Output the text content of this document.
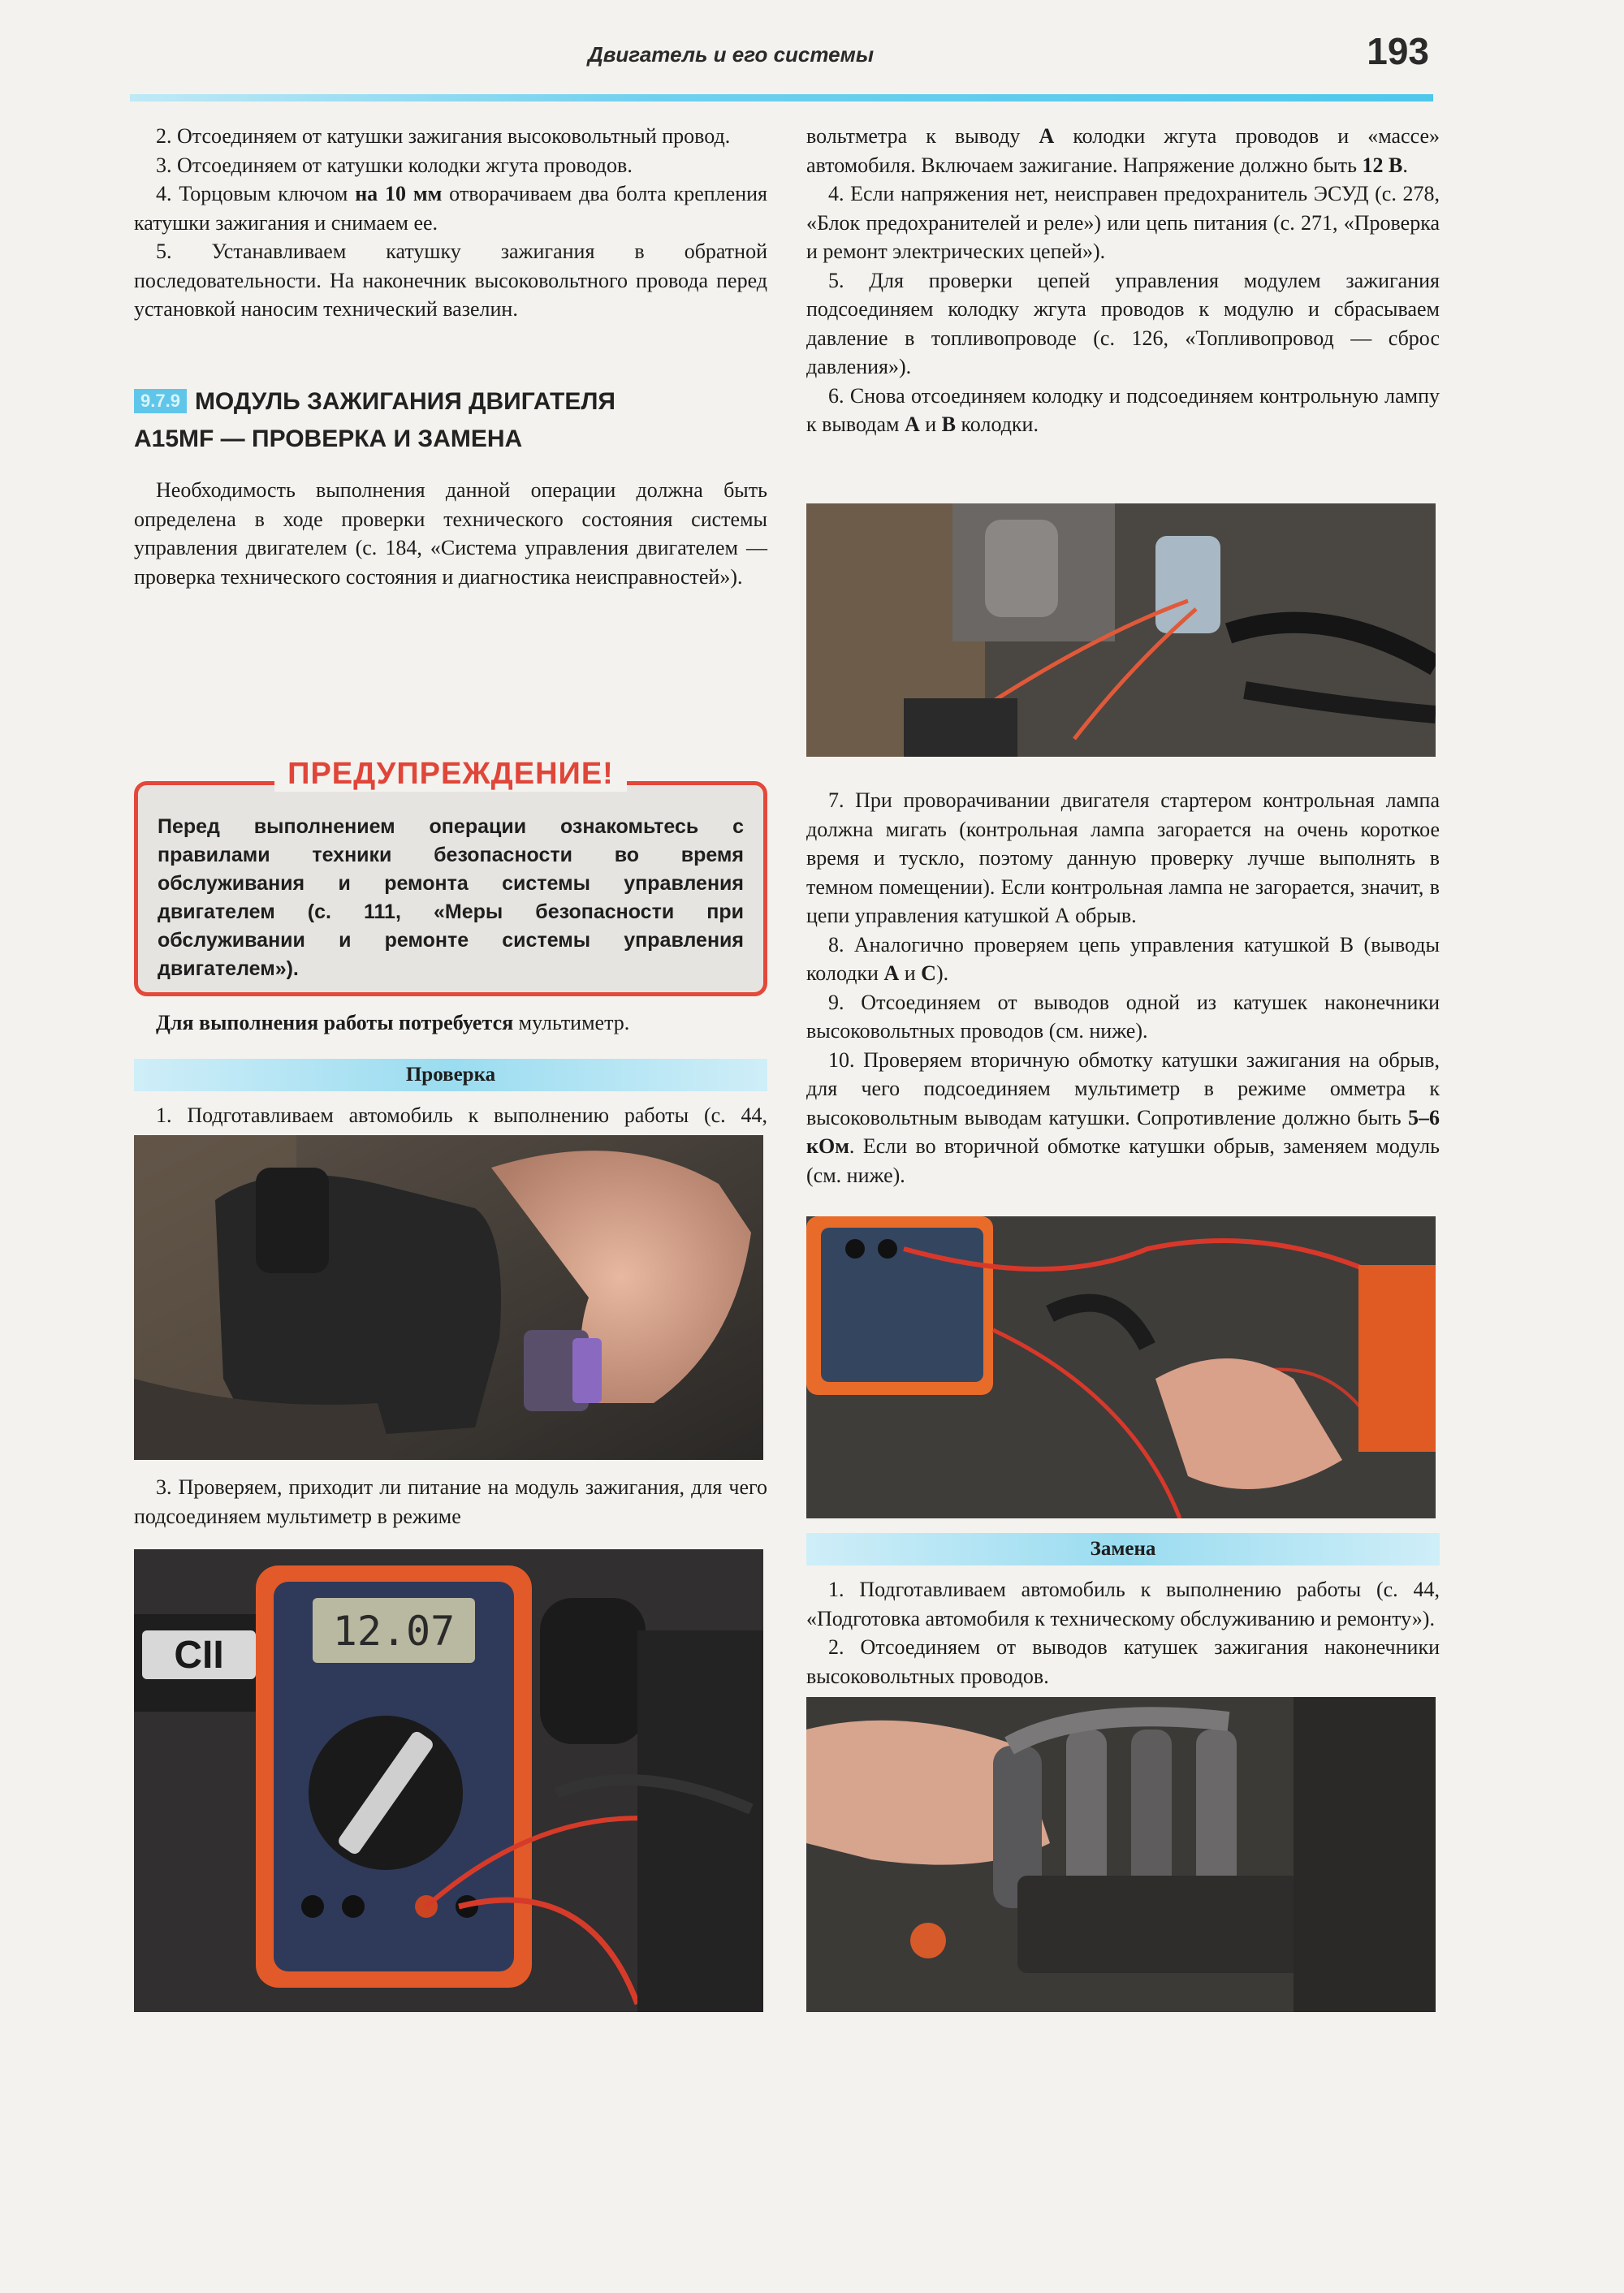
Двигатель и его системы	193

2. Отсоединяем от катушки зажигания высоковольтный провод.

3. Отсоединяем от катушки колодки жгута проводов.

4. Торцовым ключом на 10 мм отворачиваем два болта крепления катушки зажигания и снимаем ее.

5. Устанавливаем катушку зажигания в обратной последовательности. На наконечник высоковольтного провода перед установкой наносим технический вазелин.

9.7.9 МОДУЛЬ ЗАЖИГАНИЯ ДВИГАТЕЛЯ
A15MF — ПРОВЕРКА И ЗАМЕНА

Необходимость выполнения данной операции должна быть определена в ходе проверки технического состояния системы управления двигателем (с. 184, «Система управления двигателем — проверка технического состояния и диагностика неисправностей»).

Перед выполнением операции ознакомьтесь с правилами техники безопасности во время обслуживания и ремонта системы управления двигателем (с. 111, «Меры безопасности при обслуживании и ремонте системы управления двигателем»).
ПРЕДУПРЕЖДЕНИЕ!

Для выполнения работы потребуется мультиметр.

Проверка

1. Подготавливаем автомобиль к выполнению работы (с. 44,

3. Проверяем, приходит ли питание на модуль зажигания, для чего подсоединяем мультиметр в режиме

CII
12.07

вольтметра к выводу А колодки жгута проводов и «массе» автомобиля. Включаем зажигание. Напряжение должно быть 12 В.

4. Если напряжения нет, неисправен предохранитель ЭСУД (с. 278, «Блок предохранителей и реле») или цепь питания (с. 271, «Проверка и ремонт электрических цепей»).

5. Для проверки цепей управления модулем зажигания подсоединяем колодку жгута проводов к модулю и сбрасываем давление в топливопроводе (с. 126, «Топливопровод — сброс давления»).

6. Снова отсоединяем колодку и подсоединяем контрольную лампу к выводам А и В колодки.

7. При проворачивании двигателя стартером контрольная лампа должна мигать (контрольная лампа загорается на очень короткое время и тускло, поэтому данную проверку лучше выполнять в темном помещении). Если контрольная лампа не загорается, значит, в цепи управления катушкой А обрыв.

8. Аналогично проверяем цепь управления катушкой В (выводы колодки А и С).

9. Отсоединяем от выводов одной из катушек наконечники высоковольтных проводов (см. ниже).

10. Проверяем вторичную обмотку катушки зажигания на обрыв, для чего подсоединяем мультиметр в режиме омметра к высоковольтным выводам катушки. Сопротивление должно быть 5–6 кОм. Если во вторичной обмотке катушки обрыв, заменяем модуль (см. ниже).

Замена

1. Подготавливаем автомобиль к выполнению работы (с. 44, «Подготовка автомобиля к техническому обслуживанию и ремонту»).

2. Отсоединяем от выводов катушек зажигания наконечники высоковольтных проводов.
